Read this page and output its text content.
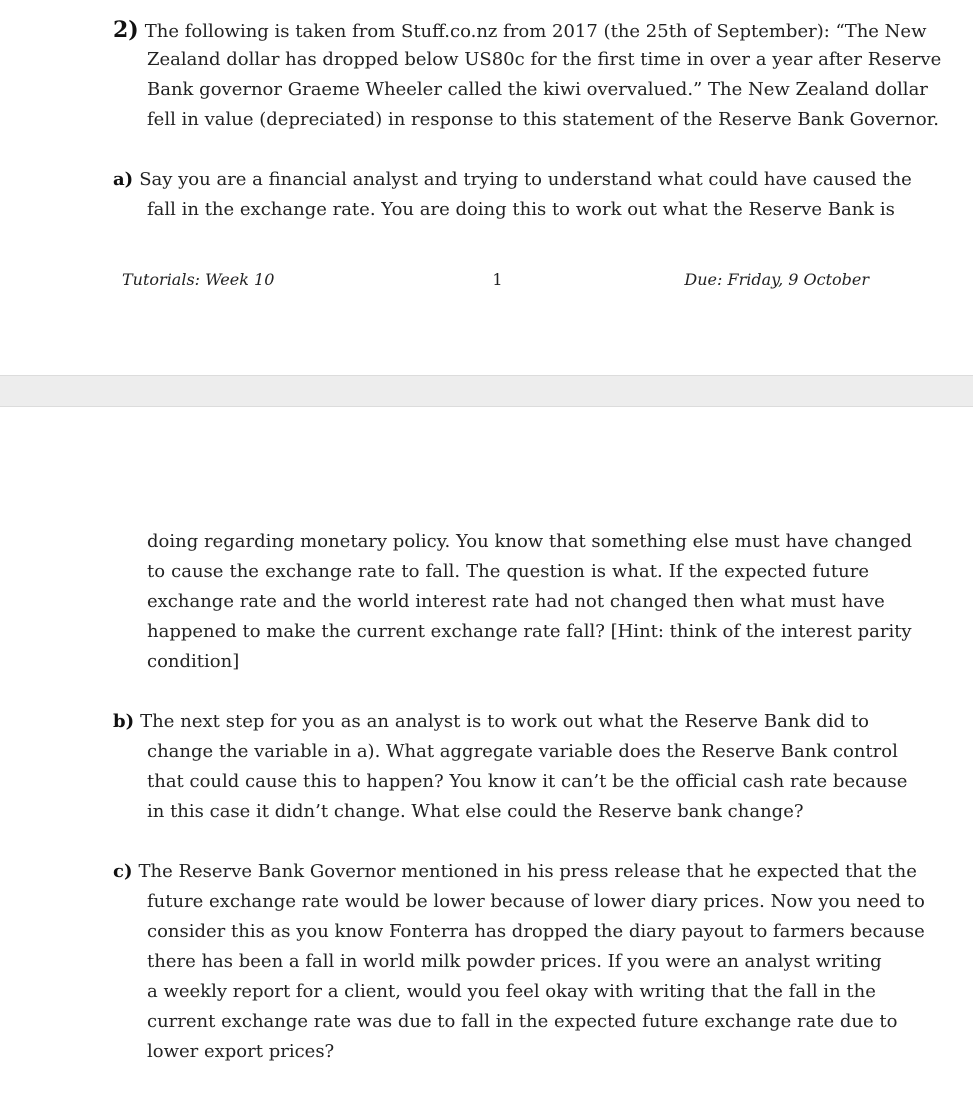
2) The following is taken from Stuff.co.nz from 2017 (the 25th of September): “The New
Zealand dollar has dropped below US80c for the first time in over a year after Reserve
Bank governor Graeme Wheeler called the kiwi overvalued.” The New Zealand dollar
fell in value (depreciated) in response to this statement of the Reserve Bank Governor.
a) Say you are a financial analyst and trying to understand what could have caused the
fall in the exchange rate. You are doing this to work out what the Reserve Bank is
Tutorials: Week 10	1	Due: Friday, 9 October
doing regarding monetary policy. You know that something else must have changed
to cause the exchange rate to fall. The question is what. If the expected future
exchange rate and the world interest rate had not changed then what must have
happened to make the current exchange rate fall? [Hint: think of the interest parity
condition]
b) The next step for you as an analyst is to work out what the Reserve Bank did to
change the variable in a). What aggregate variable does the Reserve Bank control
that could cause this to happen? You know it can’t be the official cash rate because
in this case it didn’t change. What else could the Reserve bank change?
c) The Reserve Bank Governor mentioned in his press release that he expected that the
future exchange rate would be lower because of lower diary prices. Now you need to
consider this as you know Fonterra has dropped the diary payout to farmers because
there has been a fall in world milk powder prices. If you were an analyst writing
a weekly report for a client, would you feel okay with writing that the fall in the
current exchange rate was due to fall in the expected future exchange rate due to
lower export prices?
